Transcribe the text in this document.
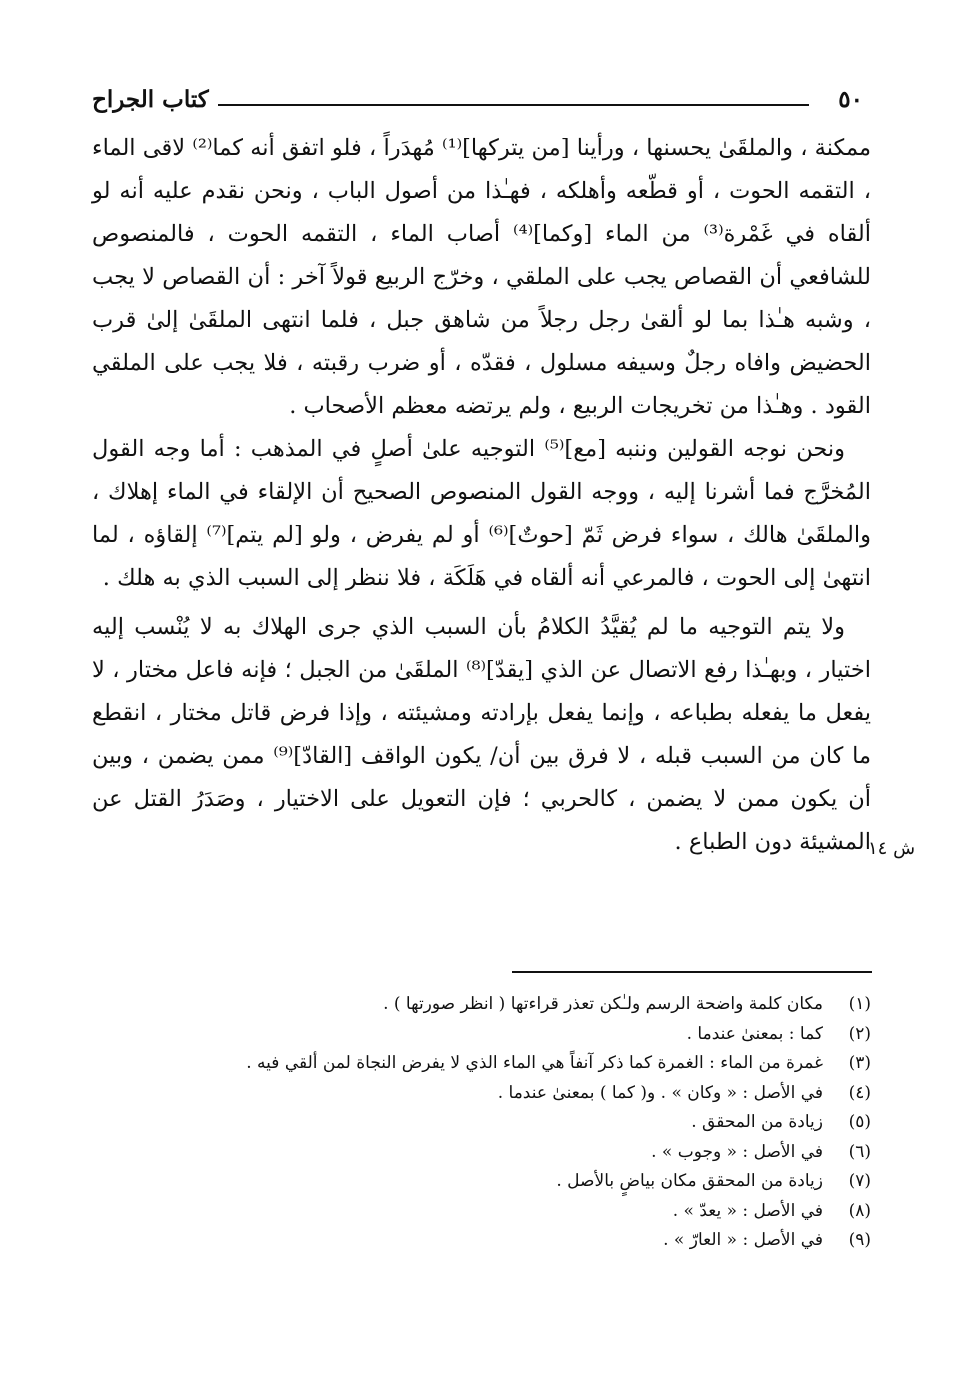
٥٠
كتاب الجراح

ممكنة ، والملقَىٰ يحسنها ، ورأينا [من يتركها]⁽¹⁾ مُهدَراً ، فلو اتفق أنه كما⁽²⁾ لاقى الماء ، التقمه الحوت ، أو قطّعه وأهلكه ، فهـٰذا من أصول الباب ، ونحن نقدم عليه أنه لو ألقاه في غَمْرة⁽³⁾ من الماء [وكما]⁽⁴⁾ أصاب الماء ، التقمه الحوت ، فالمنصوص للشافعي أن القصاص يجب على الملقي ، وخرّج الربيع قولاً آخر : أن القصاص لا يجب ، وشبه هـٰذا بما لو ألقىٰ رجل رجلاً من شاهق جبل ، فلما انتهى الملقَىٰ إلىٰ قرب الحضيض وافاه رجلٌ وسيفه مسلول ، فقدّه ، أو ضرب رقبته ، فلا يجب على الملقي القود . وهـٰذا من تخريجات الربيع ، ولم يرتضه معظم الأصحاب .

ونحن نوجه القولين وننبه [مع]⁽⁵⁾ التوجيه علىٰ أصلٍ في المذهب : أما وجه القول المُخرَّج فما أشرنا إليه ، ووجه القول المنصوص الصحيح أن الإلقاء في الماء إهلاك ، والملقَىٰ هالك ، سواء فرض ثَمّ [حوتٌ]⁽⁶⁾ أو لم يفرض ، ولو [لم يتم]⁽⁷⁾ إلقاؤه ، لما انتهىٰ إلى الحوت ، فالمرعي أنه ألقاه في هَلَكَة ، فلا ننظر إلى السبب الذي به هلك .

ولا يتم التوجيه ما لم يُقيَّدُ الكلامُ بأن السبب الذي جرى الهلاك به لا يُنْسب إليه اختيار ، وبهـٰذا رفع الاتصال عن الذي [يقدّ]⁽⁸⁾ الملقَىٰ من الجبل ؛ فإنه فاعل مختار ، لا يفعل ما يفعله بطباعه ، وإنما يفعل بإرادته ومشيئته ، وإذا فرض قاتل مختار ، انقطع ما كان من السبب قبله ، لا فرق بين أن/ يكون الواقف [القادّ]⁽⁹⁾ ممن يضمن ، وبين أن يكون ممن لا يضمن ، كالحربي ؛ فإن التعويل على الاختيار ، وصَدَرُ القتل عن المشيئة دون الطباع .

ش ١٤
(١)
مكان كلمة واضحة الرسم ولـٰكن تعذر قراءتها ( انظر صورتها ) .
(٢)
كما : بمعنىٰ عندما .
(٣)
غمرة من الماء : الغمرة كما ذكر آنفاً هي الماء الذي لا يفرض النجاة لمن ألقي فيه .
(٤)
في الأصل : « وكان » . و( كما ) بمعنىٰ عندما .
(٥)
زيادة من المحقق .
(٦)
في الأصل : « وجوب » .
(٧)
زيادة من المحقق مكان بياضٍ بالأصل .
(٨)
في الأصل : « يعدّ » .
(٩)
في الأصل : « العارّ » .
